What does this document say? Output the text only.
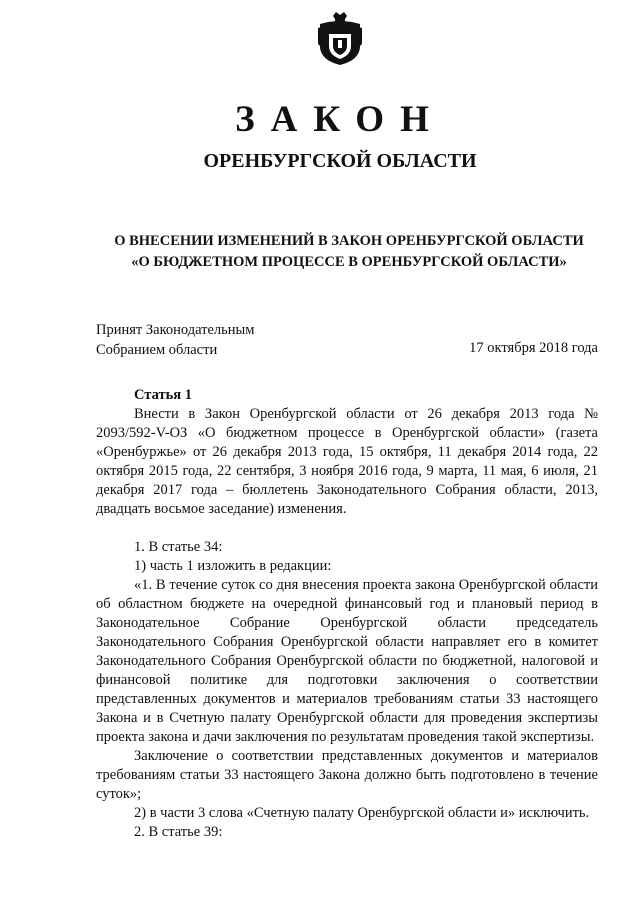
ЗАКОН
ОРЕНБУРГСКОЙ ОБЛАСТИ
О ВНЕСЕНИИ ИЗМЕНЕНИЙ В ЗАКОН ОРЕНБУРГСКОЙ ОБЛАСТИ
«О БЮДЖЕТНОМ ПРОЦЕССЕ В ОРЕНБУРГСКОЙ ОБЛАСТИ»
Принят Законодательным
Собранием области	17 октября 2018 года
Статья 1

Внести в Закон Оренбургской области от 26 декабря 2013 года № 2093/592-V-ОЗ «О бюджетном процессе в Оренбургской области» (газета «Оренбуржье» от 26 декабря 2013 года, 15 октября, 11 декабря 2014 года, 22 октября 2015 года, 22 сентября, 3 ноября 2016 года, 9 марта, 11 мая, 6 июля, 21 декабря 2017 года – бюллетень Законодательного Собрания области, 2013, двадцать восьмое заседание) изменения.

1. В статье 34:

1) часть 1 изложить в редакции:

«1. В течение суток со дня внесения проекта закона Оренбургской области об областном бюджете на очередной финансовый год и плановый период в Законодательное Собрание Оренбургской области председатель Законодательного Собрания Оренбургской области направляет его в комитет Законодательного Собрания Оренбургской области по бюджетной, налоговой и финансовой политике для подготовки заключения о соответствии представленных документов и материалов требованиям статьи 33 настоящего Закона и в Счетную палату Оренбургской области для проведения экспертизы проекта закона и дачи заключения по результатам проведения такой экспертизы.

Заключение о соответствии представленных документов и материалов требованиям статьи 33 настоящего Закона должно быть подготовлено в течение суток»;

2) в части 3 слова «Счетную палату Оренбургской области и» исключить.

2. В статье 39:
